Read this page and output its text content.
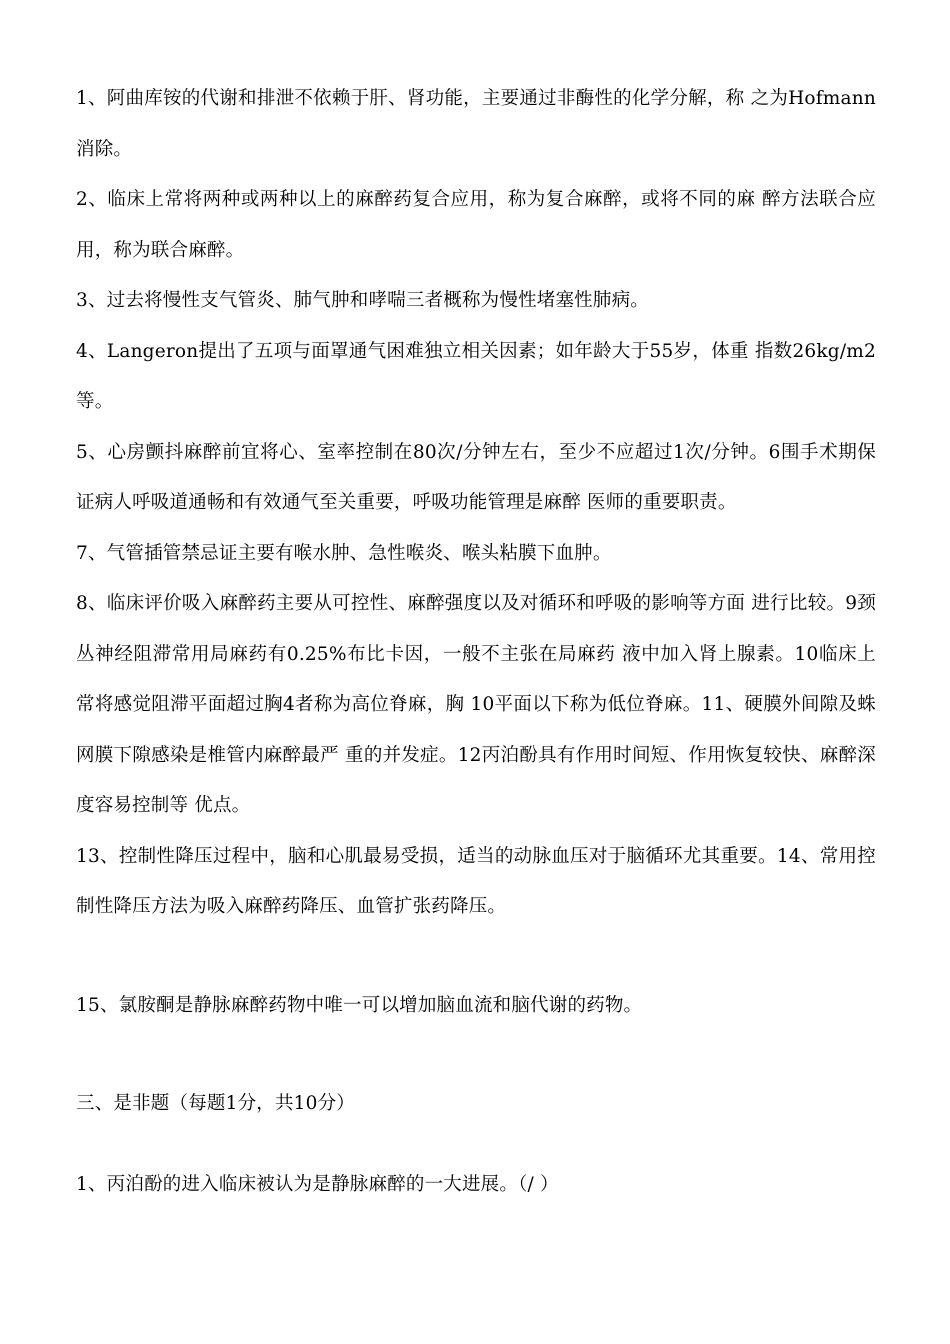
1、阿曲库铵的代谢和排泄不依赖于肝、肾功能，主要通过非酶性的化学分解，称 之为Hofmann消除。

2、临床上常将两种或两种以上的麻醉药复合应用，称为复合麻醉，或将不同的麻 醉方法联合应用，称为联合麻醉。

3、过去将慢性支气管炎、肺气肿和哮喘三者概称为慢性堵塞性肺病。

4、Langeron提出了五项与面罩通气困难独立相关因素；如年龄大于55岁，体重 指数26kg/m2等。

5、心房颤抖麻醉前宜将心、室率控制在80次/分钟左右，至少不应超过1次/分钟。6围手术期保证病人呼吸道通畅和有效通气至关重要，呼吸功能管理是麻醉 医师的重要职责。

7、气管插管禁忌证主要有喉水肿、急性喉炎、喉头粘膜下血肿。

8、临床评价吸入麻醉药主要从可控性、麻醉强度以及对循环和呼吸的影响等方面 进行比较。9颈丛神经阻滞常用局麻药有0.25%布比卡因，一般不主张在局麻药 液中加入肾上腺素。10临床上常将感觉阻滞平面超过胸4者称为高位脊麻，胸 10平面以下称为低位脊麻。11、硬膜外间隙及蛛网膜下隙感染是椎管内麻醉最严 重的并发症。12丙泊酚具有作用时间短、作用恢复较快、麻醉深度容易控制等 优点。

13、控制性降压过程中，脑和心肌最易受损，适当的动脉血压对于脑循环尤其重要。14、常用控制性降压方法为吸入麻醉药降压、血管扩张药降压。

15、氯胺酮是静脉麻醉药物中唯一可以增加脑血流和脑代谢的药物。

三、是非题（每题1分，共10分）

1、丙泊酚的进入临床被认为是静脉麻醉的一大进展。（/ ）
